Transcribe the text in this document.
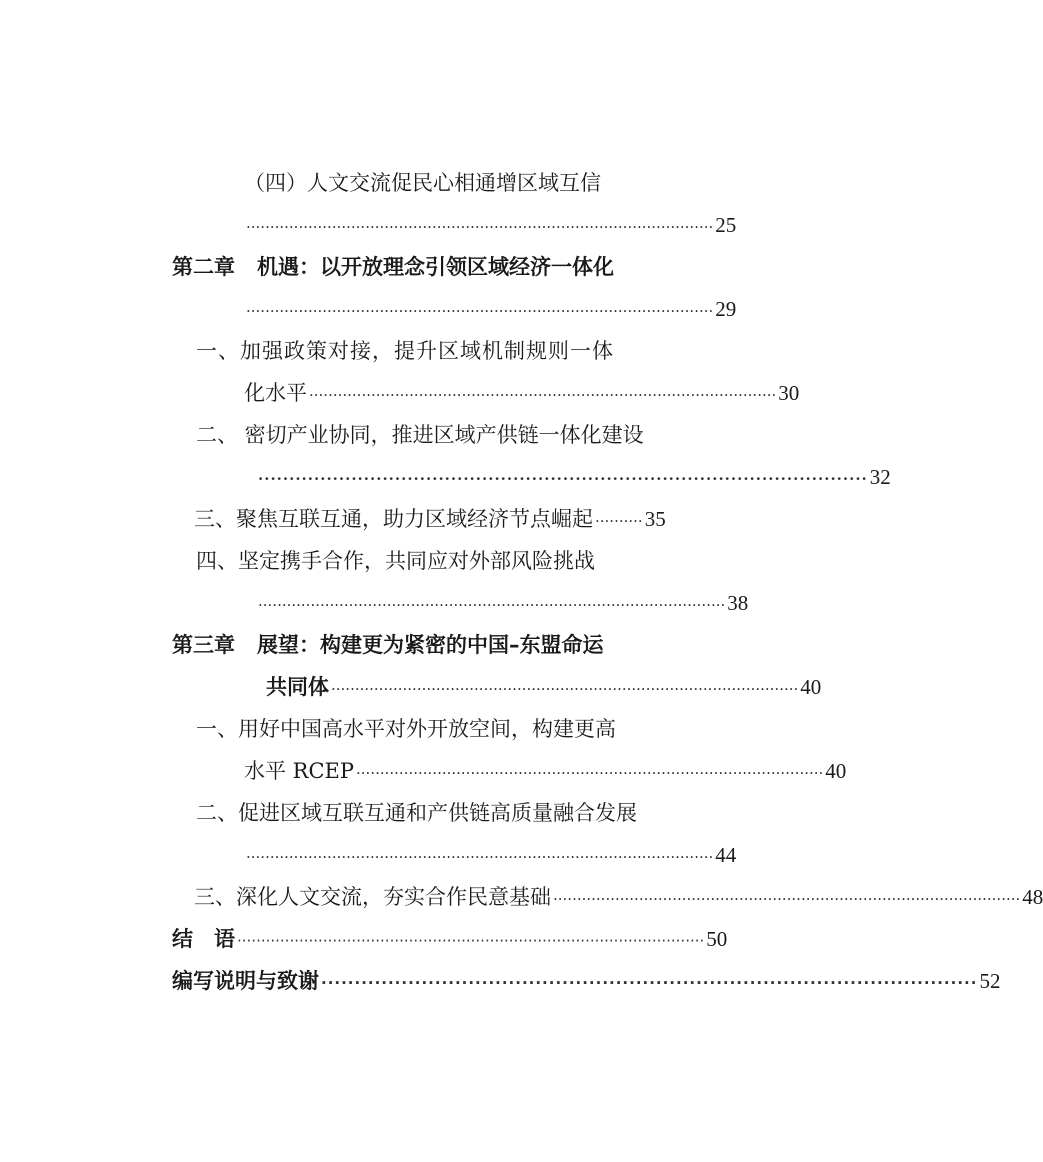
（四）人文交流促民心相通增区域互信
·································································································· 25
第二章 机遇：以开放理念引领区域经济一体化
·································································································· 29
一、加强政策对接，提升区域机制规则一体
化水平 ·································································································· 30
二、 密切产业协同，推进区域产供链一体化建设
·································································································· 32
三、聚焦互联互通，助力区域经济节点崛起 ·········· 35
四、坚定携手合作，共同应对外部风险挑战
·································································································· 38
第三章 展望：构建更为紧密的中国–东盟命运
共同体 ·································································································· 40
一、用好中国高水平对外开放空间，构建更高
水平 RCEP ·································································································· 40
二、促进区域互联互通和产供链高质量融合发展
·································································································· 44
三、深化人文交流，夯实合作民意基础 ·································································································· 48
结　语 ·································································································· 50
编写说明与致谢 ·································································································· 52
